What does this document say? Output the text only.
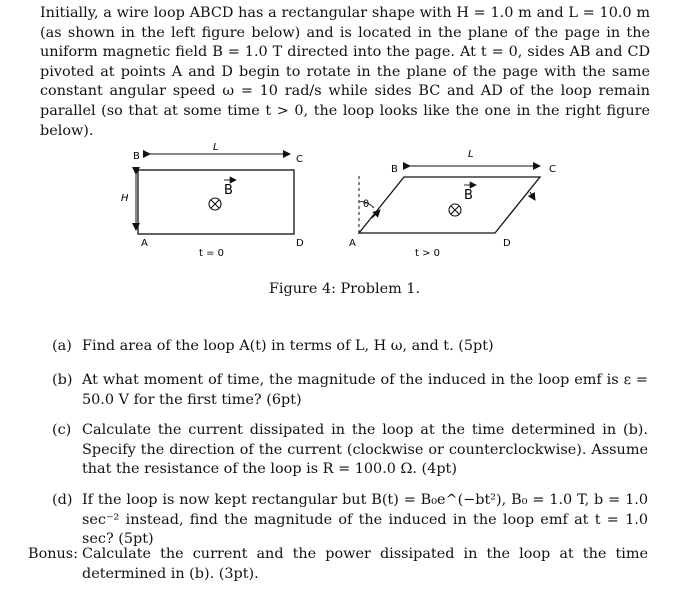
Initially, a wire loop ABCD has a rectangular shape with H = 1.0 m and L = 10.0 m (as shown in the left figure below) and is located in the plane of the page in the uniform magnetic field B = 1.0 T directed into the page. At t = 0, sides AB and CD pivoted at points A and D begin to rotate in the plane of the page with the same constant angular speed ω = 10 rad/s while sides BC and AD of the loop remain parallel (so that at some time t > 0, the loop looks like the one in the right figure below).
B	C
A	D
L
H
B
t = 0
B	C
A	D
L
θ
B
t > 0
Figure 4: Problem 1.
(a) Find area of the loop A(t) in terms of L, H ω, and t. (5pt)
(b) At what moment of time, the magnitude of the induced in the loop emf is ε = 50.0 V for the first time? (6pt)
(c) Calculate the current dissipated in the loop at the time determined in (b). Specify the direction of the current (clockwise or counterclockwise). Assume that the resistance of the loop is R = 100.0 Ω. (4pt)
(d) If the loop is now kept rectangular but B(t) = B₀e^(−bt²), B₀ = 1.0 T, b = 1.0 sec⁻² instead, find the magnitude of the induced in the loop emf at t = 1.0 sec? (5pt)
Bonus: Calculate the current and the power dissipated in the loop at the time determined in (b). (3pt).
